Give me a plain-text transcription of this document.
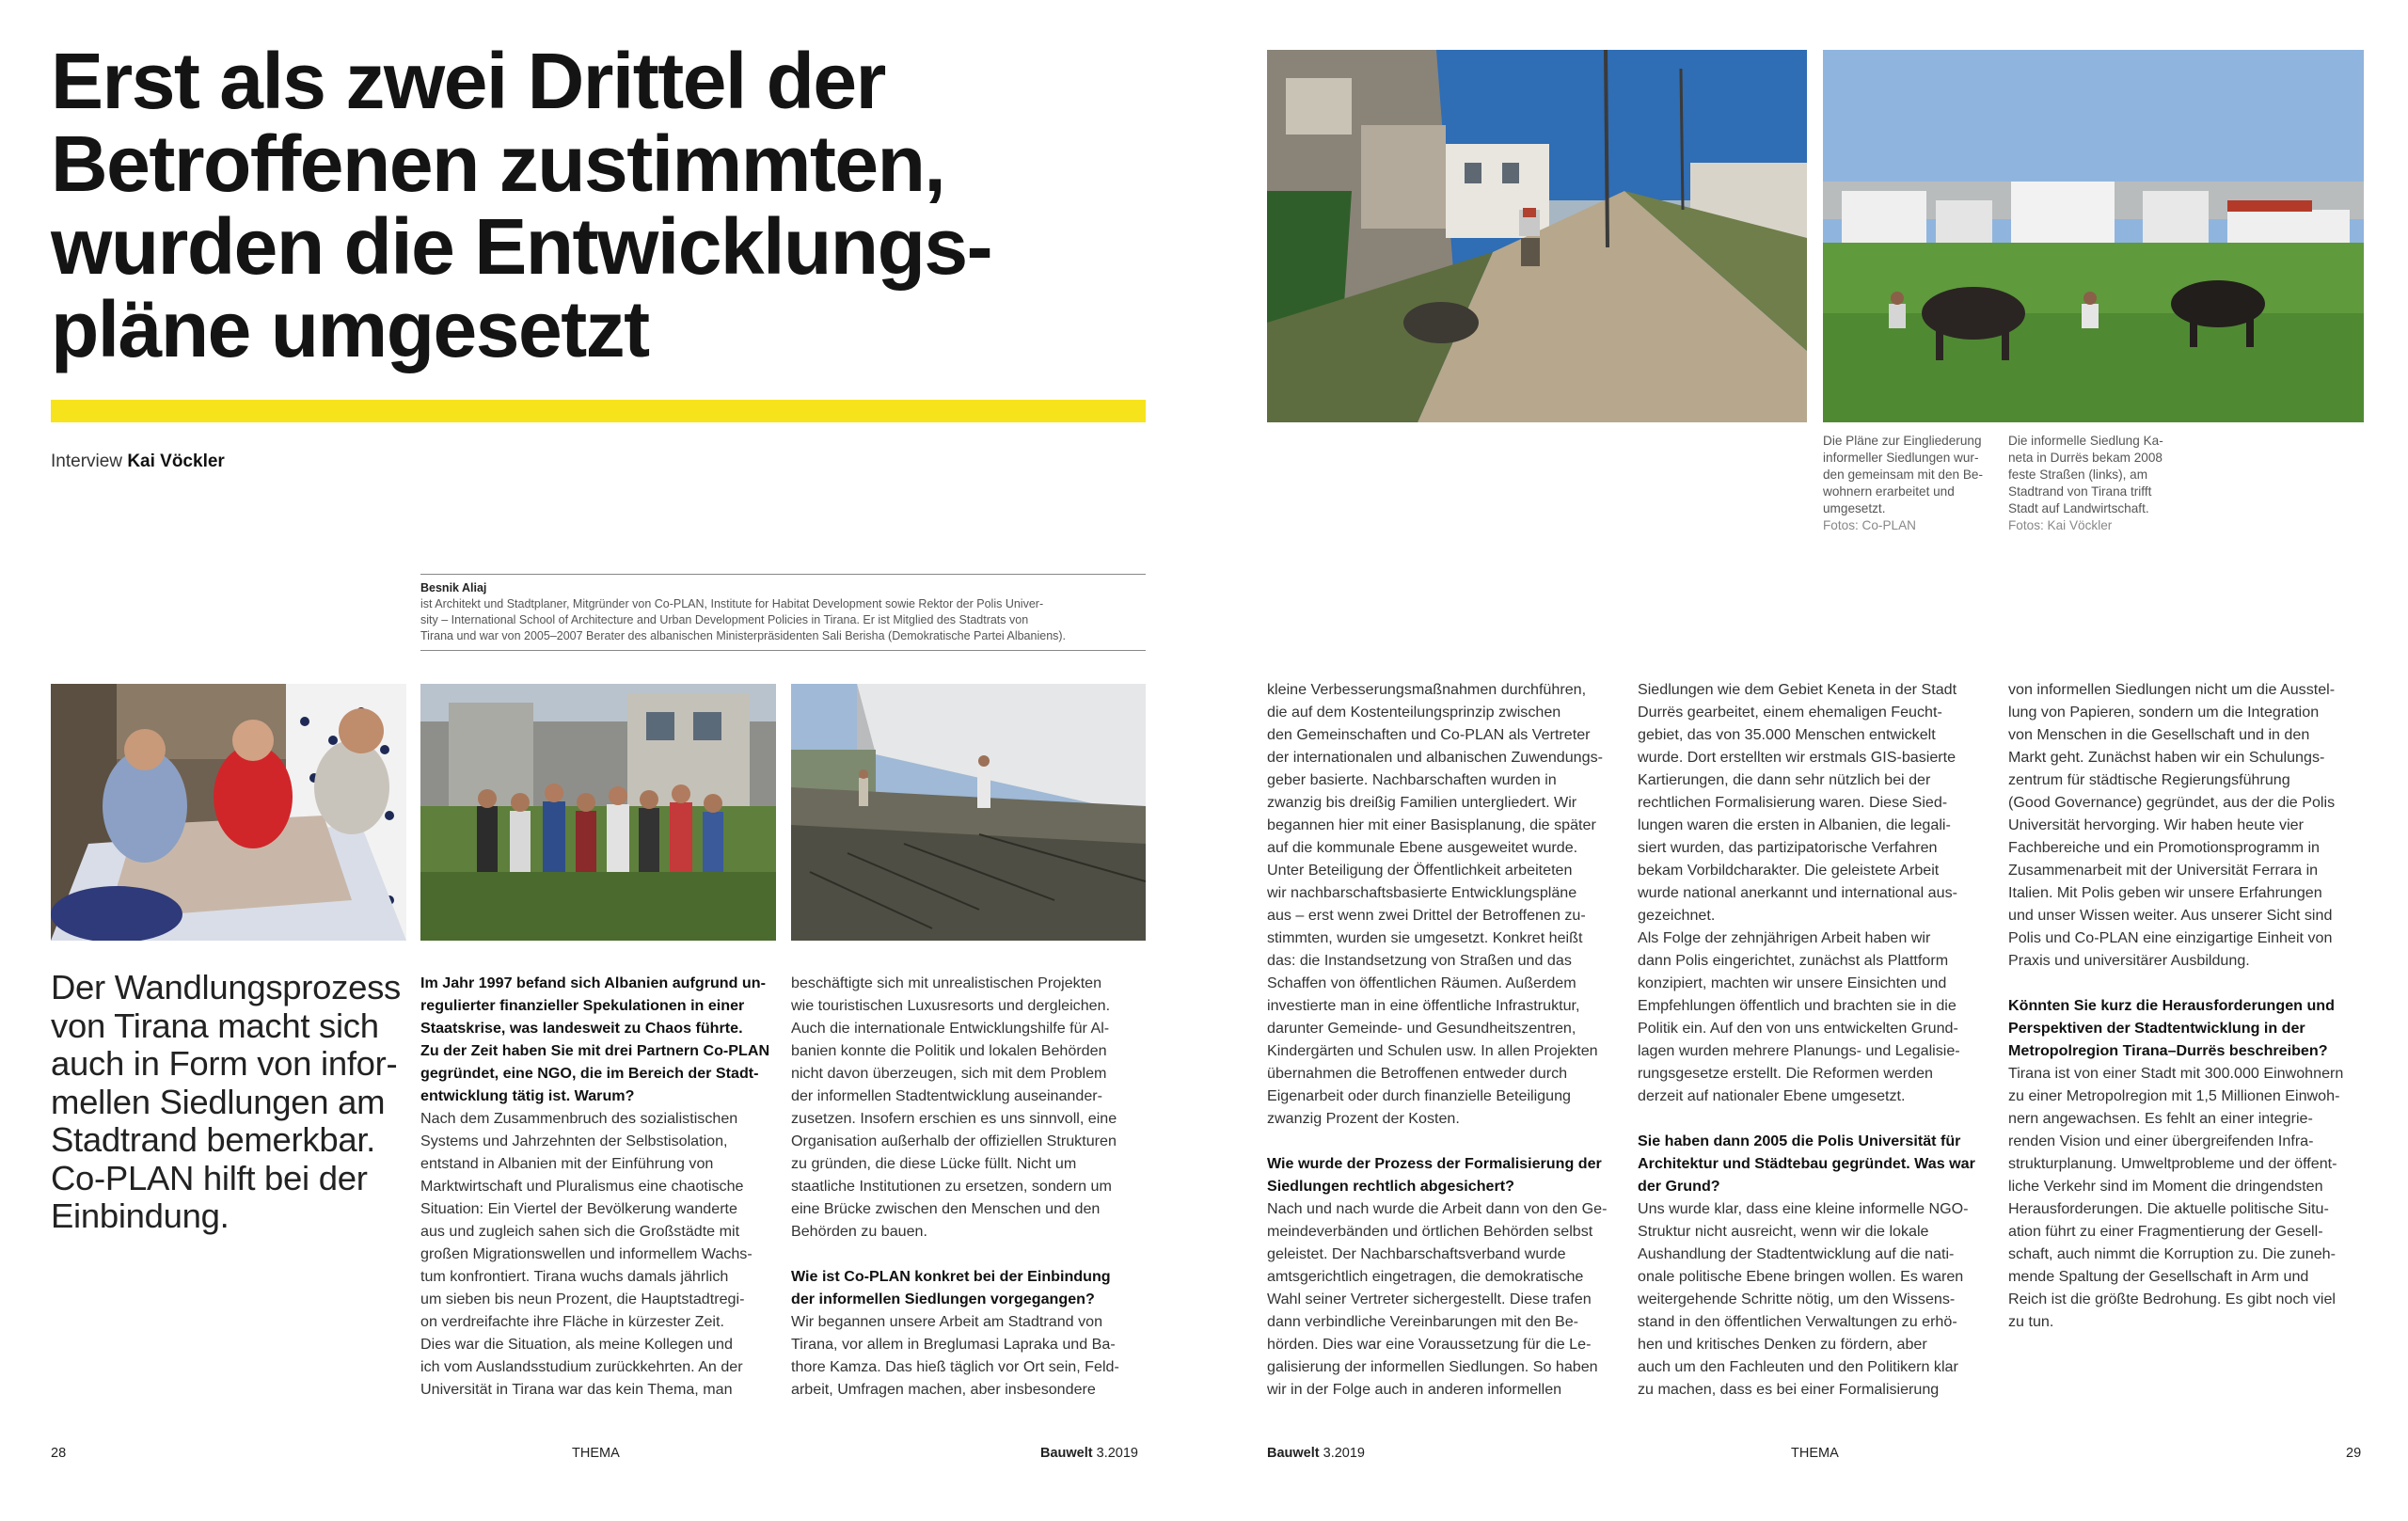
Erst als zwei Drittel der
Betroffenen zustimmten,
wurden die Entwicklungs-
pläne umgesetzt
Interview Kai Vöckler
Besnik Aliaj
ist Architekt und Stadtplaner, Mitgründer von Co-PLAN, Institute for Habitat Development sowie Rektor der Polis Univer-
sity – International School of Architecture and Urban Development Policies in Tirana. Er ist Mitglied des Stadtrats von
Tirana und war von 2005–2007 Berater des albanischen Ministerpräsidenten Sali Berisha (Demokratische Partei Albaniens).
Die Pläne zur Eingliederung
informeller Siedlungen wur-
den gemeinsam mit den Be-
wohnern erarbeitet und
umgesetzt.
Fotos: Co-PLAN
Die informelle Siedlung Ka-
neta in Durrës bekam 2008
feste Straßen (links), am
Stadtrand von Tirana trifft
Stadt auf Landwirtschaft.
Fotos: Kai Vöckler
Der Wandlungsprozess
von Tirana macht sich
auch in Form von infor-
mellen Siedlungen am
Stadtrand bemerkbar.
Co-PLAN hilft bei der
Einbindung.
Im Jahr 1997 befand sich Albanien aufgrund un-
regulierter finanzieller Spekulationen in einer
Staatskrise, was landesweit zu Chaos führte.
Zu der Zeit haben Sie mit drei Partnern Co-PLAN
gegründet, eine NGO, die im Bereich der Stadt-
entwicklung tätig ist. Warum?
Nach dem Zusammenbruch des sozialistischen
Systems und Jahrzehnten der Selbstisolation,
entstand in Albanien mit der Einführung von
Marktwirtschaft und Pluralismus eine chaotische
Situation: Ein Viertel der Bevölkerung wanderte
aus und zugleich sahen sich die Großstädte mit
großen Migrationswellen und informellem Wachs-
tum konfrontiert. Tirana wuchs damals jährlich
um sieben bis neun Prozent, die Hauptstadtregi-
on verdreifachte ihre Fläche in kürzester Zeit.
Dies war die Situation, als meine Kollegen und
ich vom Auslandsstudium zurückkehrten. An der
Universität in Tirana war das kein Thema, man
beschäftigte sich mit unrealistischen Projekten
wie touristischen Luxusresorts und dergleichen.
Auch die internationale Entwicklungshilfe für Al-
banien konnte die Politik und lokalen Behörden
nicht davon überzeugen, sich mit dem Problem
der informellen Stadtentwicklung auseinander-
zusetzen. Insofern erschien es uns sinnvoll, eine
Organisation außerhalb der offiziellen Strukturen
zu gründen, die diese Lücke füllt. Nicht um
staatliche Institutionen zu ersetzen, sondern um
eine Brücke zwischen den Menschen und den
Behörden zu bauen.
Wie ist Co-PLAN konkret bei der Einbindung
der informellen Siedlungen vorgegangen?
Wir begannen unsere Arbeit am Stadtrand von
Tirana, vor allem in Breglumasi Lapraka und Ba-
thore Kamza. Das hieß täglich vor Ort sein, Feld-
arbeit, Umfragen machen, aber insbesondere
kleine Verbesserungsmaßnahmen durchführen,
die auf dem Kostenteilungsprinzip zwischen
den Gemeinschaften und Co-PLAN als Vertreter
der internationalen und albanischen Zuwendungs-
geber basierte. Nachbarschaften wurden in
zwanzig bis dreißig Familien untergliedert. Wir
begannen hier mit einer Basisplanung, die später
auf die kommunale Ebene ausgeweitet wurde.
Unter Beteiligung der Öffentlichkeit arbeiteten
wir nachbarschaftsbasierte Entwicklungspläne
aus – erst wenn zwei Drittel der Betroffenen zu-
stimmten, wurden sie umgesetzt. Konkret heißt
das: die Instandsetzung von Straßen und das
Schaffen von öffentlichen Räumen. Außerdem
investierte man in eine öffentliche Infrastruktur,
darunter Gemeinde- und Gesundheitszentren,
Kindergärten und Schulen usw. In allen Projekten
übernahmen die Betroffenen entweder durch
Eigenarbeit oder durch finanzielle Beteiligung
zwanzig Prozent der Kosten.
Wie wurde der Prozess der Formalisierung der
Siedlungen rechtlich abgesichert?
Nach und nach wurde die Arbeit dann von den Ge-
meindeverbänden und örtlichen Behörden selbst
geleistet. Der Nachbarschaftsverband wurde
amtsgerichtlich eingetragen, die demokratische
Wahl seiner Vertreter sichergestellt. Diese trafen
dann verbindliche Vereinbarungen mit den Be-
hörden. Dies war eine Voraussetzung für die Le-
galisierung der informellen Siedlungen. So haben
wir in der Folge auch in anderen informellen
Siedlungen wie dem Gebiet Keneta in der Stadt
Durrës gearbeitet, einem ehemaligen Feucht-
gebiet, das von 35.000 Menschen entwickelt
wurde. Dort erstellten wir erstmals GIS-basierte
Kartierungen, die dann sehr nützlich bei der
rechtlichen Formalisierung waren. Diese Sied-
lungen waren die ersten in Albanien, die legali-
siert wurden, das partizipatorische Verfahren
bekam Vorbildcharakter. Die geleistete Arbeit
wurde national anerkannt und international aus-
gezeichnet.
Als Folge der zehnjährigen Arbeit haben wir
dann Polis eingerichtet, zunächst als Plattform
konzipiert, machten wir unsere Einsichten und
Empfehlungen öffentlich und brachten sie in die
Politik ein. Auf den von uns entwickelten Grund-
lagen wurden mehrere Planungs- und Legalisie-
rungsgesetze erstellt. Die Reformen werden
derzeit auf nationaler Ebene umgesetzt.
Sie haben dann 2005 die Polis Universität für
Architektur und Städtebau gegründet. Was war
der Grund?
Uns wurde klar, dass eine kleine informelle NGO-
Struktur nicht ausreicht, wenn wir die lokale
Aushandlung der Stadtentwicklung auf die nati-
onale politische Ebene bringen wollen. Es waren
weitergehende Schritte nötig, um den Wissens-
stand in den öffentlichen Verwaltungen zu erhö-
hen und kritisches Denken zu fördern, aber
auch um den Fachleuten und den Politikern klar
zu machen, dass es bei einer Formalisierung
von informellen Siedlungen nicht um die Ausstel-
lung von Papieren, sondern um die Integration
von Menschen in die Gesellschaft und in den
Markt geht. Zunächst haben wir ein Schulungs-
zentrum für städtische Regierungsführung
(Good Governance) gegründet, aus der die Polis
Universität hervorging. Wir haben heute vier
Fachbereiche und ein Promotionsprogramm in
Zusammenarbeit mit der Universität Ferrara in
Italien. Mit Polis geben wir unsere Erfahrungen
und unser Wissen weiter. Aus unserer Sicht sind
Polis und Co-PLAN eine einzigartige Einheit von
Praxis und universitärer Ausbildung.
Könnten Sie kurz die Herausforderungen und
Perspektiven der Stadtentwicklung in der
Metropolregion Tirana–Durrës beschreiben?
Tirana ist von einer Stadt mit 300.000 Einwohnern
zu einer Metropolregion mit 1,5 Millionen Einwoh-
nern angewachsen. Es fehlt an einer integrie-
renden Vision und einer übergreifenden Infra-
strukturplanung. Umweltprobleme und der öffent-
liche Verkehr sind im Moment die dringendsten
Herausforderungen. Die aktuelle politische Situ-
ation führt zu einer Fragmentierung der Gesell-
schaft, auch nimmt die Korruption zu. Die zuneh-
mende Spaltung der Gesellschaft in Arm und
Reich ist die größte Bedrohung. Es gibt noch viel
zu tun.
28	THEMA	Bauwelt 3.2019	Bauwelt 3.2019	THEMA	29
